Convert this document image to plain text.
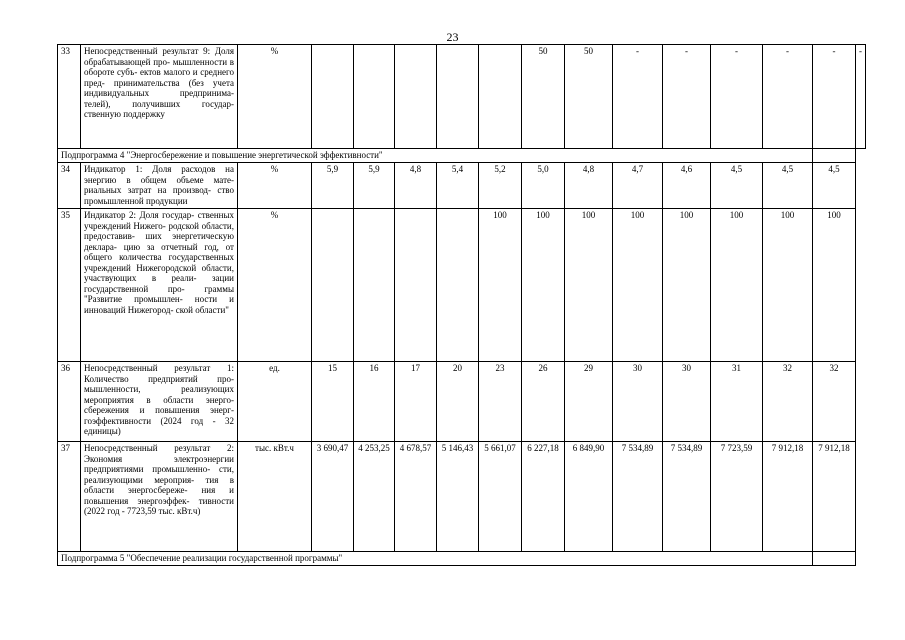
23
33	Непосредственный результат 9: Доля обрабатывающей про- мышленности в обороте субъ- ектов малого и среднего пред- принимательства (без учета индивидуальных предпринима- телей), получивших государ- ственную поддержку	%						50	50	-	-	-	-	-	-
Подпрограмма 4 "Энергосбережение и повышение энергетической эффективности"															
34	Индикатор 1: Доля расходов на энергию в общем объеме мате- риальных затрат на производ- ство промышленной продукции	%	5,9	5,9	4,8	5,4	5,2	5,0	4,8	4,7	4,6	4,5	4,5	4,5	
35	Индикатор 2: Доля государ- ственных учреждений Нижего- родской области, предоставив- ших энергетическую деклара- цию за отчетный год, от общего количества государственных учреждений Нижегородской области, участвующих в реали- зации государственной про- граммы "Развитие промышлен- ности и инноваций Нижегород- ской области"	%					100	100	100	100	100	100	100	100	
36	Непосредственный результат 1: Количество предприятий про- мышленности, реализующих мероприятия в области энерго- сбережения и повышения энерг- гоэффективности (2024 год - 32 единицы)	ед.	15	16	17	20	23	26	29	30	30	31	32	32	
37	Непосредственный результат 2: Экономия электроэнергии предприятиями промышленно- сти, реализующими мероприя- тия в области энергосбереже- ния и повышения энергоэффек- тивности (2022 год - 7723,59 тыс. кВт.ч)	тыс. кВт.ч	3 690,47	4 253,25	4 678,57	5 146,43	5 661,07	6 227,18	6 849,90	7 534,89	7 534,89	7 723,59	7 912,18	7 912,18	
Подпрограмма 5 "Обеспечение реализации государственной программы"															
